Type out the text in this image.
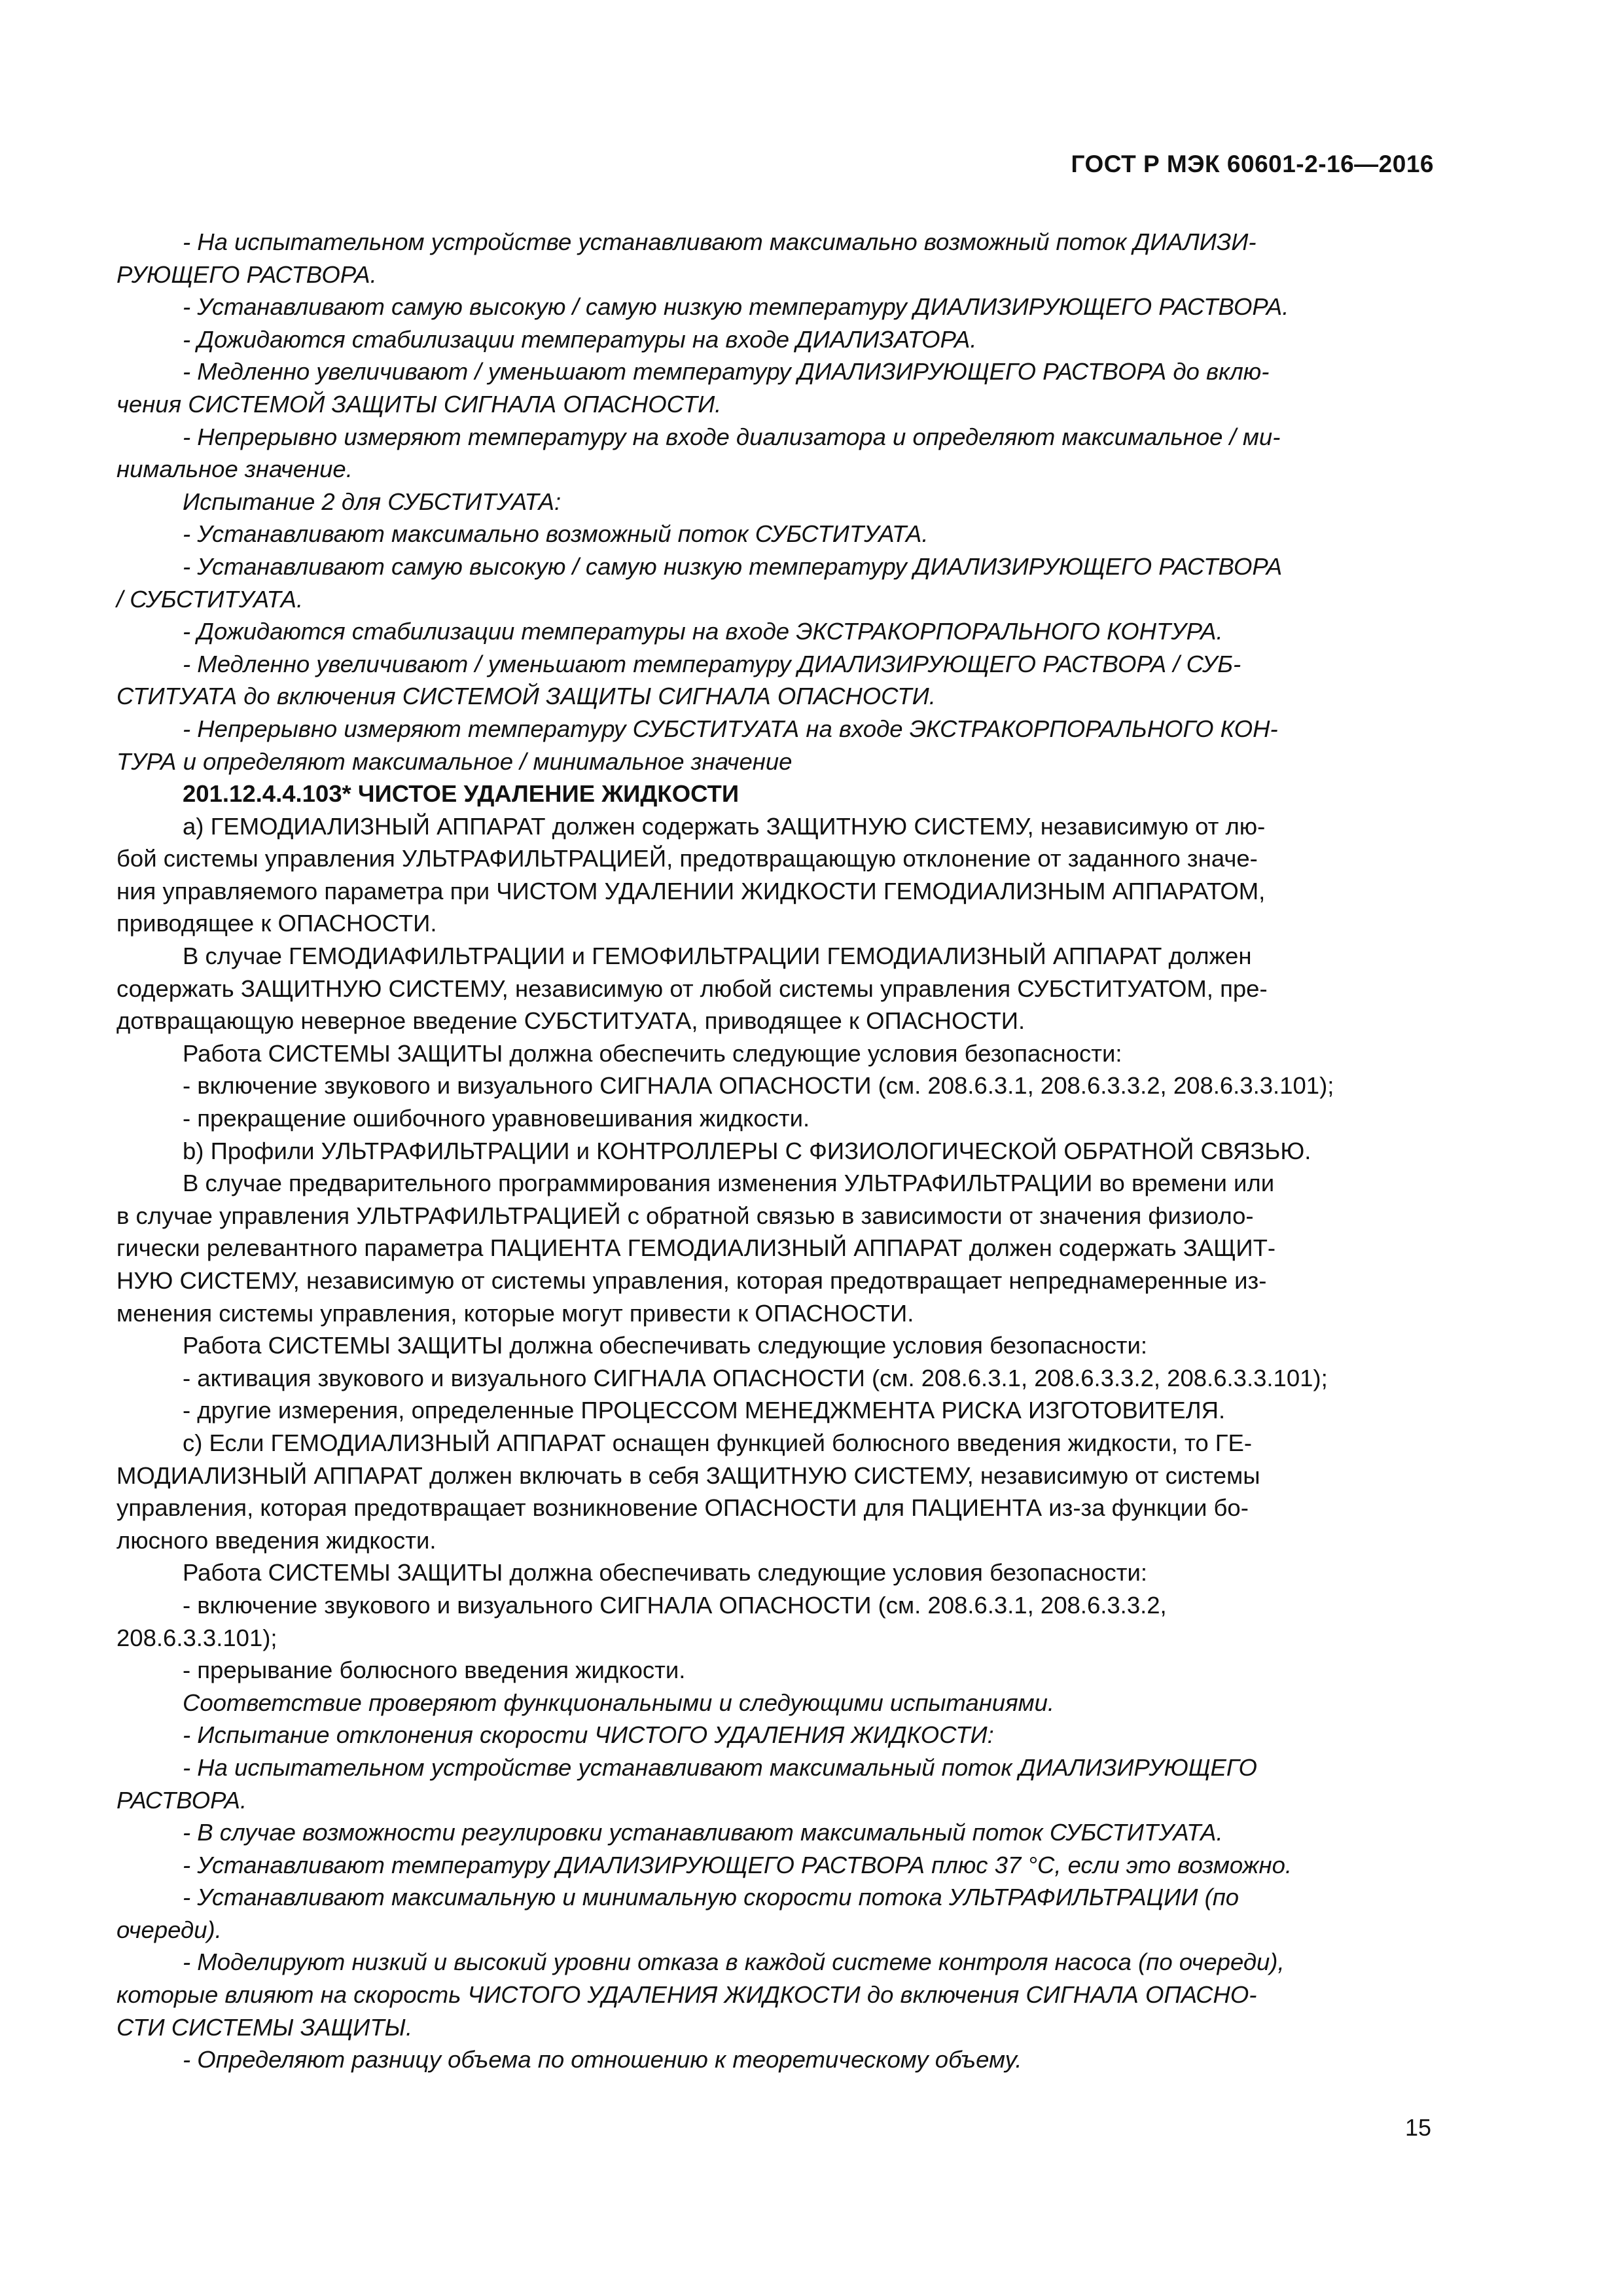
ГОСТ Р МЭК 60601-2-16—2016

- На испытательном устройстве устанавливают максимально возможный поток ДИАЛИЗИ-
РУЮЩЕГО РАСТВОРА.

- Устанавливают самую высокую / самую низкую температуру ДИАЛИЗИРУЮЩЕГО РАСТВОРА.

- Дожидаются стабилизации температуры на входе ДИАЛИЗАТОРА.

- Медленно увеличивают / уменьшают температуру ДИАЛИЗИРУЮЩЕГО РАСТВОРА до вклю-
чения СИСТЕМОЙ ЗАЩИТЫ СИГНАЛА ОПАСНОСТИ.

- Непрерывно измеряют температуру на входе диализатора и определяют максимальное / ми-
нимальное значение.

Испытание 2 для СУБСТИТУАТА:

- Устанавливают максимально возможный поток СУБСТИТУАТА.

- Устанавливают самую высокую / самую низкую температуру ДИАЛИЗИРУЮЩЕГО РАСТВОРА
/ СУБСТИТУАТА.

- Дожидаются стабилизации температуры на входе ЭКСТРАКОРПОРАЛЬНОГО КОНТУРА.

- Медленно увеличивают / уменьшают температуру ДИАЛИЗИРУЮЩЕГО РАСТВОРА / СУБ-
СТИТУАТА до включения СИСТЕМОЙ ЗАЩИТЫ СИГНАЛА ОПАСНОСТИ.

- Непрерывно измеряют температуру СУБСТИТУАТА на входе ЭКСТРАКОРПОРАЛЬНОГО КОН-
ТУРА и определяют максимальное / минимальное значение

201.12.4.4.103* ЧИСТОЕ УДАЛЕНИЕ ЖИДКОСТИ

a) ГЕМОДИАЛИЗНЫЙ АППАРАТ должен содержать ЗАЩИТНУЮ СИСТЕМУ, независимую от лю-
бой системы управления УЛЬТРАФИЛЬТРАЦИЕЙ, предотвращающую отклонение от заданного значе-
ния управляемого параметра при ЧИСТОМ УДАЛЕНИИ ЖИДКОСТИ ГЕМОДИАЛИЗНЫМ АППАРАТОМ,
приводящее к ОПАСНОСТИ.

В случае ГЕМОДИАФИЛЬТРАЦИИ и ГЕМОФИЛЬТРАЦИИ ГЕМОДИАЛИЗНЫЙ АППАРАТ должен
содержать ЗАЩИТНУЮ СИСТЕМУ, независимую от любой системы управления СУБСТИТУАТОМ, пре-
дотвращающую неверное введение СУБСТИТУАТА, приводящее к ОПАСНОСТИ.

Работа СИСТЕМЫ ЗАЩИТЫ должна обеспечить следующие условия безопасности:

- включение звукового и визуального СИГНАЛА ОПАСНОСТИ (см. 208.6.3.1, 208.6.3.3.2, 208.6.3.3.101);

- прекращение ошибочного уравновешивания жидкости.

b) Профили УЛЬТРАФИЛЬТРАЦИИ и КОНТРОЛЛЕРЫ С ФИЗИОЛОГИЧЕСКОЙ ОБРАТНОЙ СВЯЗЬЮ.

В случае предварительного программирования изменения УЛЬТРАФИЛЬТРАЦИИ во времени или
в случае управления УЛЬТРАФИЛЬТРАЦИЕЙ с обратной связью в зависимости от значения физиоло-
гически релевантного параметра ПАЦИЕНТА ГЕМОДИАЛИЗНЫЙ АППАРАТ должен содержать ЗАЩИТ-
НУЮ СИСТЕМУ, независимую от системы управления, которая предотвращает непреднамеренные из-
менения системы управления, которые могут привести к ОПАСНОСТИ.

Работа СИСТЕМЫ ЗАЩИТЫ должна обеспечивать следующие условия безопасности:

- активация звукового и визуального СИГНАЛА ОПАСНОСТИ (см. 208.6.3.1, 208.6.3.3.2, 208.6.3.3.101);

- другие измерения, определенные ПРОЦЕССОМ МЕНЕДЖМЕНТА РИСКА ИЗГОТОВИТЕЛЯ.

c) Если ГЕМОДИАЛИЗНЫЙ АППАРАТ оснащен функцией болюсного введения жидкости, то ГЕ-
МОДИАЛИЗНЫЙ АППАРАТ должен включать в себя ЗАЩИТНУЮ СИСТЕМУ, независимую от системы
управления, которая предотвращает возникновение ОПАСНОСТИ для ПАЦИЕНТА из-за функции бо-
люсного введения жидкости.

Работа СИСТЕМЫ ЗАЩИТЫ должна обеспечивать следующие условия безопасности:

- включение звукового и визуального СИГНАЛА ОПАСНОСТИ (см. 208.6.3.1, 208.6.3.3.2,
208.6.3.3.101);

- прерывание болюсного введения жидкости.

Соответствие проверяют функциональными и следующими испытаниями.

- Испытание отклонения скорости ЧИСТОГО УДАЛЕНИЯ ЖИДКОСТИ:

- На испытательном устройстве устанавливают максимальный поток ДИАЛИЗИРУЮЩЕГО
РАСТВОРА.

- В случае возможности регулировки устанавливают максимальный поток СУБСТИТУАТА.

- Устанавливают температуру ДИАЛИЗИРУЮЩЕГО РАСТВОРА плюс 37 °С, если это возможно.

- Устанавливают максимальную и минимальную скорости потока УЛЬТРАФИЛЬТРАЦИИ (по
очереди).

- Моделируют низкий и высокий уровни отказа в каждой системе контроля насоса (по очереди),
которые влияют на скорость ЧИСТОГО УДАЛЕНИЯ ЖИДКОСТИ до включения СИГНАЛА ОПАСНО-
СТИ СИСТЕМЫ ЗАЩИТЫ.

- Определяют разницу объема по отношению к теоретическому объему.

15
